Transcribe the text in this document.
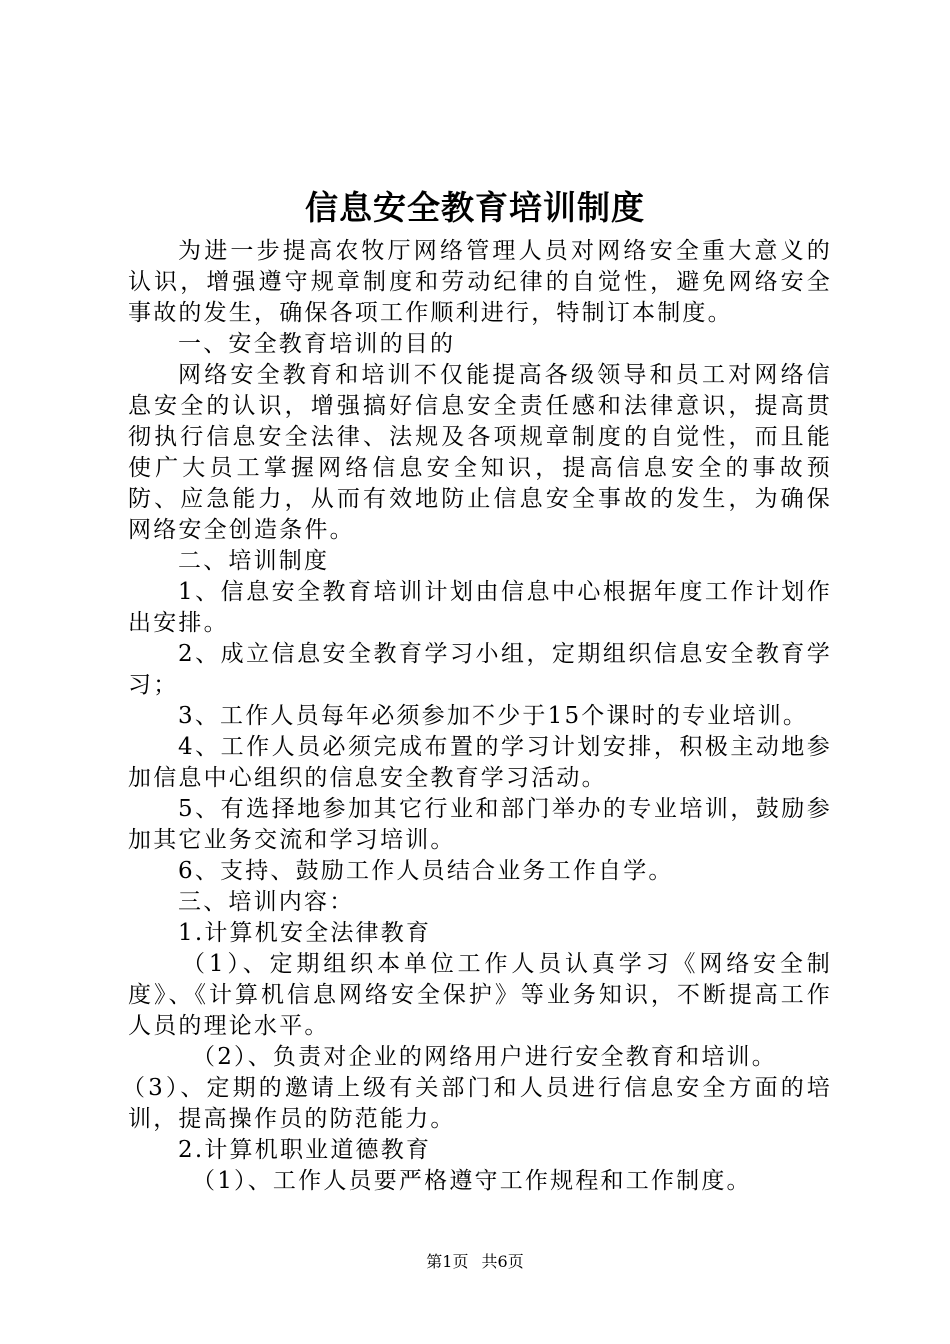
信息安全教育培训制度

为进一步提高农牧厅网络管理人员对网络安全重大意义的认识，增强遵守规章制度和劳动纪律的自觉性，避免网络安全事故的发生，确保各项工作顺利进行，特制订本制度。

一、安全教育培训的目的

网络安全教育和培训不仅能提高各级领导和员工对网络信息安全的认识，增强搞好信息安全责任感和法律意识，提高贯彻执行信息安全法律、法规及各项规章制度的自觉性，而且能使广大员工掌握网络信息安全知识，提高信息安全的事故预防、应急能力，从而有效地防止信息安全事故的发生，为确保网络安全创造条件。

二、培训制度

1、信息安全教育培训计划由信息中心根据年度工作计划作出安排。

2、成立信息安全教育学习小组，定期组织信息安全教育学习；

3、工作人员每年必须参加不少于15个课时的专业培训。

4、工作人员必须完成布置的学习计划安排，积极主动地参加信息中心组织的信息安全教育学习活动。

5、有选择地参加其它行业和部门举办的专业培训，鼓励参加其它业务交流和学习培训。

6、支持、鼓励工作人员结合业务工作自学。

三、培训内容：

1.计算机安全法律教育

（1）、定期组织本单位工作人员认真学习《网络安全制度》、《计算机信息网络安全保护》等业务知识，不断提高工作人员的理论水平。

（2）、负责对企业的网络用户进行安全教育和培训。

（3）、定期的邀请上级有关部门和人员进行信息安全方面的培训，提高操作员的防范能力。

2.计算机职业道德教育

（1）、工作人员要严格遵守工作规程和工作制度。

第1页 共6页
